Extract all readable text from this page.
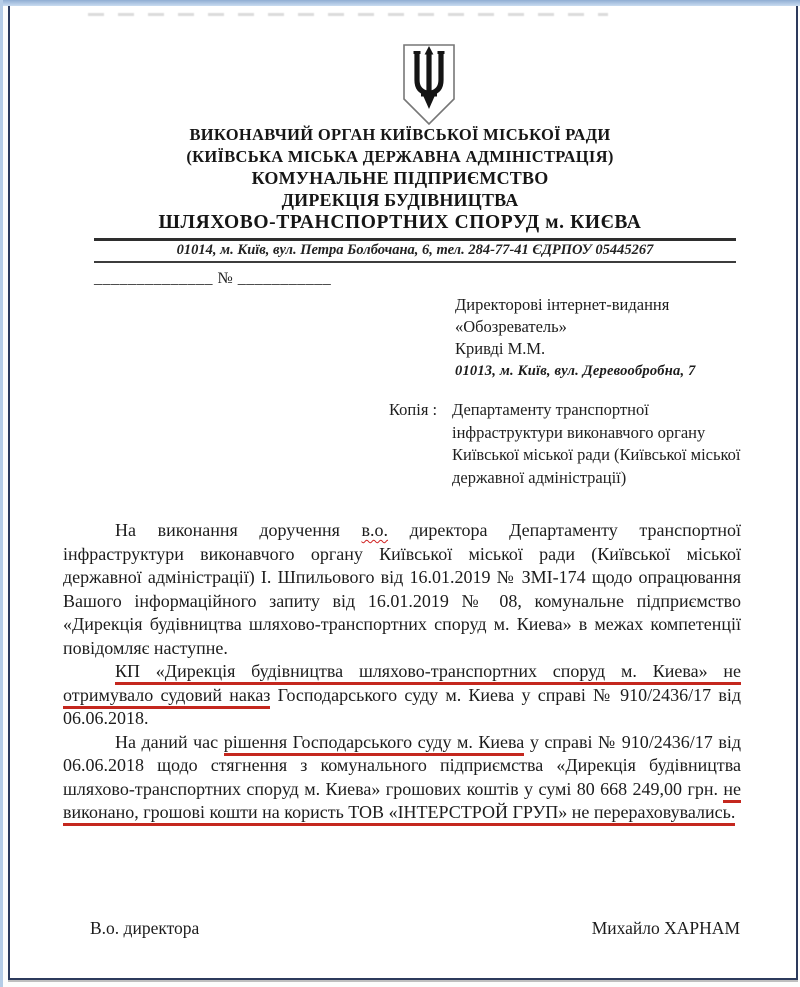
ВИКОНАВЧИЙ ОРГАН КИЇВСЬКОЇ МІСЬКОЇ РАДИ
(КИЇВСЬКА МІСЬКА ДЕРЖАВНА АДМІНІСТРАЦІЯ)
КОМУНАЛЬНЕ ПІДПРИЄМСТВО
ДИРЕКЦІЯ БУДІВНИЦТВА
ШЛЯХОВО-ТРАНСПОРТНИХ СПОРУД м. КИЄВА
01014, м. Київ, вул. Петра Болбочана, 6, тел. 284-77-41 ЄДРПОУ 05445267
______________ № ___________
Директорові інтернет-видання
«Обозреватель»
Кривді М.М.
01013, м. Київ, вул. Деревообробна, 7
Копія : Департаменту транспортної інфраструктури виконавчого органу Київської міської ради (Київської міської державної адміністрації)

На виконання доручення в.о. директора Департаменту транспортної інфраструктури виконавчого органу Київської міської ради (Київської міської державної адміністрації) І. Шпильового від 16.01.2019 № ЗМІ-174 щодо опрацювання Вашого інформаційного запиту від 16.01.2019 № 08, комунальне підприємство «Дирекція будівництва шляхово-транспортних споруд м. Киева» в межах компетенції повідомляє наступне.

КП «Дирекція будівництва шляхово-транспортних споруд м. Киева» не отримувало судовий наказ Господарського суду м. Киева у справі № 910/2436/17 від 06.06.2018.

На даний час рішення Господарського суду м. Киева у справі № 910/2436/17 від 06.06.2018 щодо стягнення з комунального підприємства «Дирекція будівництва шляхово-транспортних споруд м. Киева» грошових коштів у сумі 80 668 249,00 грн. не виконано, грошові кошти на користь ТОВ «ІНТЕРСТРОЙ ГРУП» не перераховувались.

В.о. директора	Михайло ХАРНАМ
